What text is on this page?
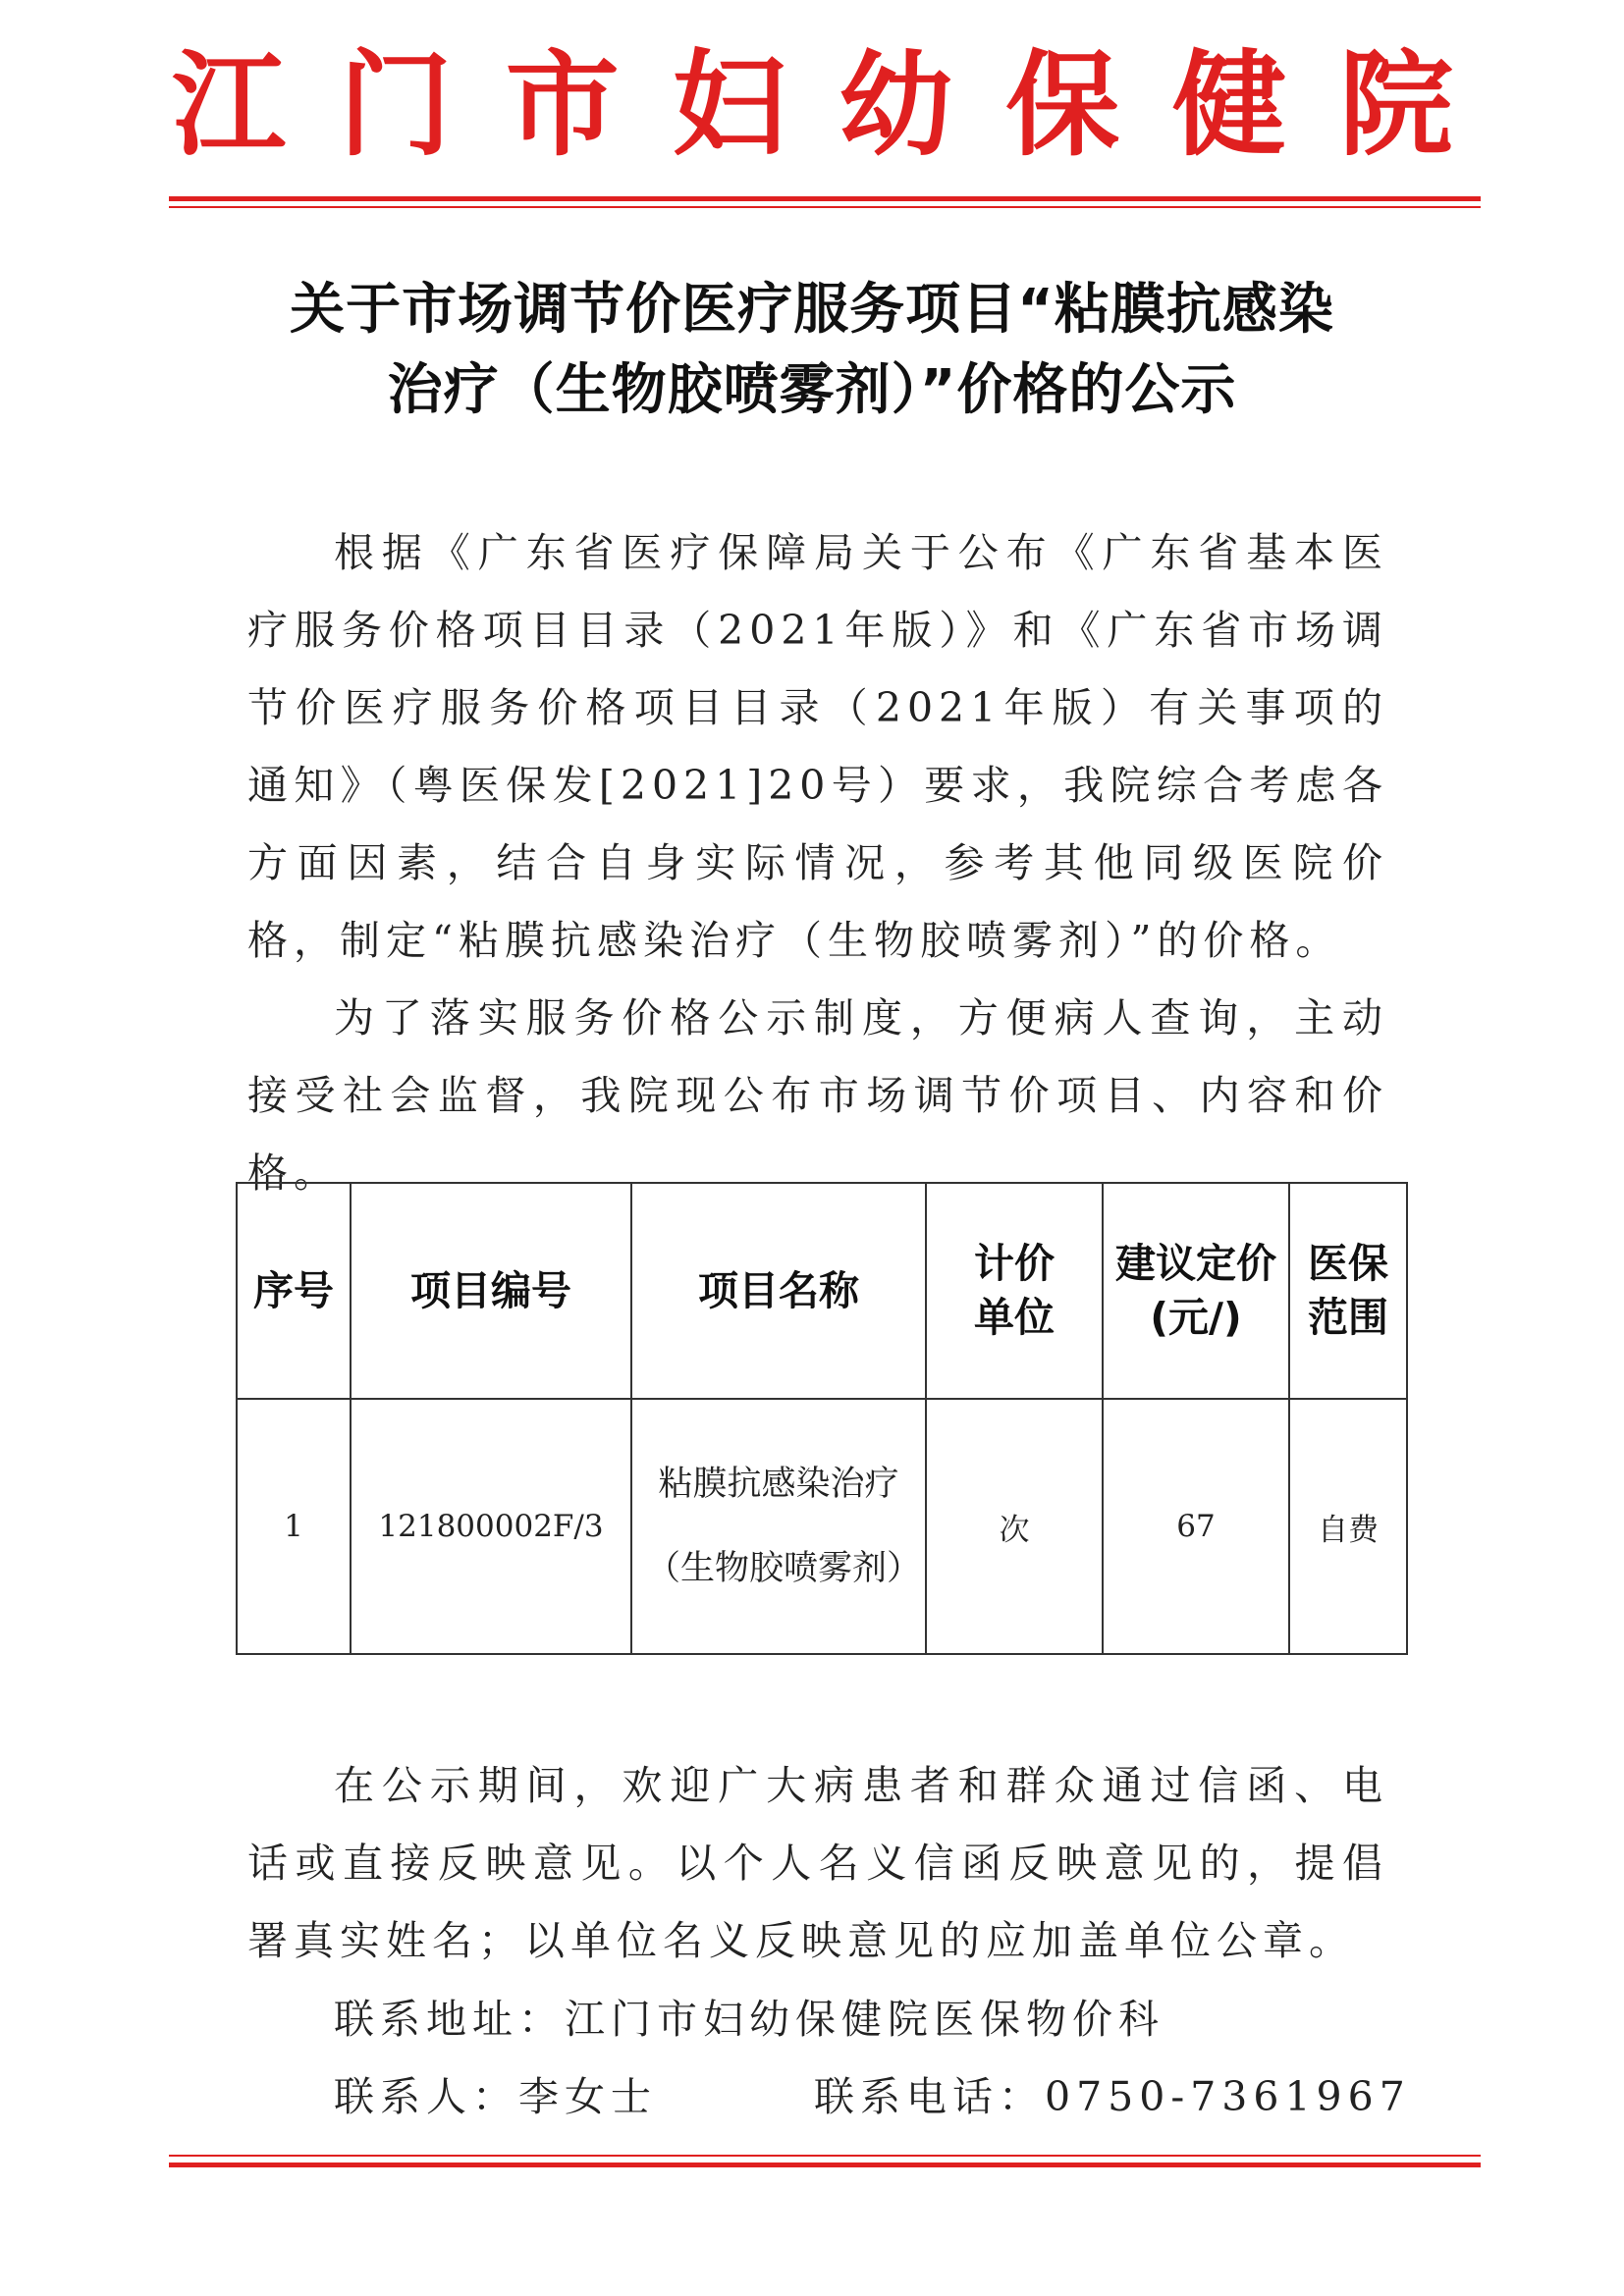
江 门 市 妇 幼 保 健 院
关于市场调节价医疗服务项目“粘膜抗感染
治疗（生物胶喷雾剂）”价格的公示
根据《广东省医疗保障局关于公布《广东省基本医疗服务价格项目目录（2021年版）》和《广东省市场调节价医疗服务价格项目目录（2021年版）有关事项的通知》（粤医保发[2021]20号）要求，我院综合考虑各方面因素，结合自身实际情况，参考其他同级医院价格，制定“粘膜抗感染治疗（生物胶喷雾剂）”的价格。
为了落实服务价格公示制度，方便病人查询，主动接受社会监督，我院现公布市场调节价项目、内容和价格。
序号	项目编号	项目名称	计价单位	建议定价(元/)	医保范围

1	121800002F/3	粘膜抗感染治疗（生物胶喷雾剂）	次	67	自费
在公示期间，欢迎广大病患者和群众通过信函、电话或直接反映意见。以个人名义信函反映意见的，提倡署真实姓名；以单位名义反映意见的应加盖单位公章。
联系地址：江门市妇幼保健院医保物价科
联系人：李女士	联系电话：0750-7361967
